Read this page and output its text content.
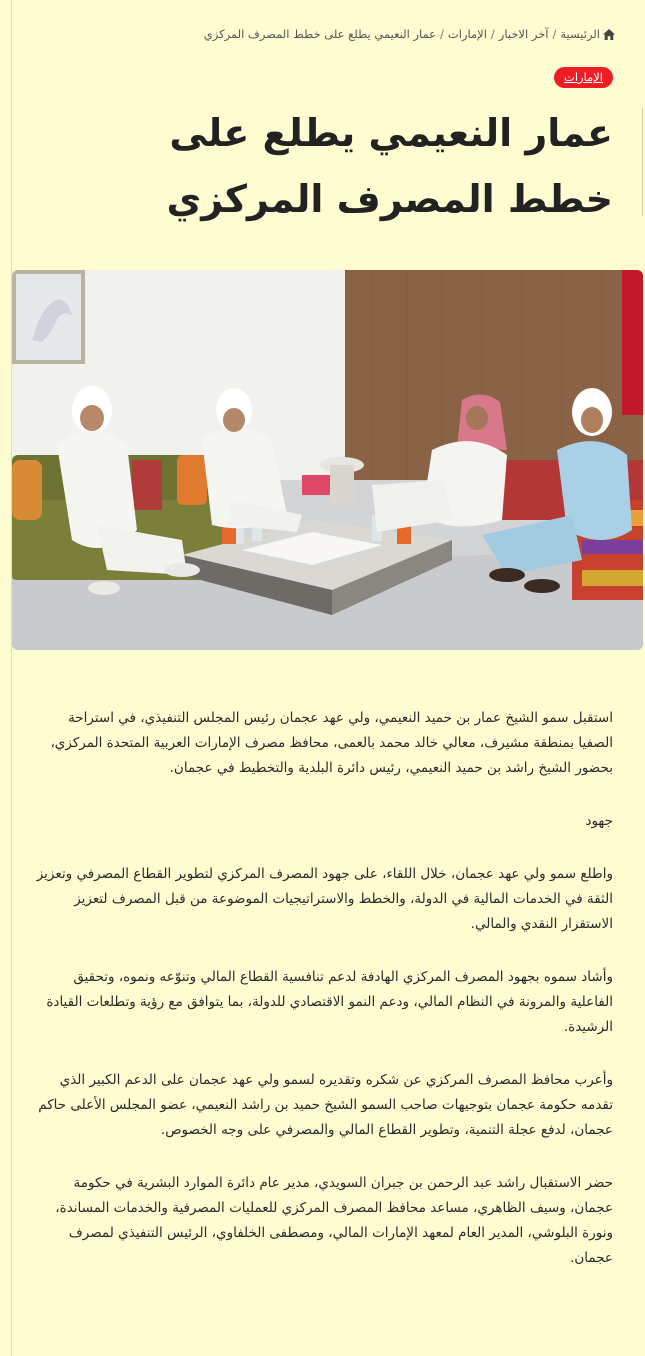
الرئيسية
/
آخر الاخبار
/
الإمارات
/
عمار النعيمي يطلع على خطط المصرف المركزي
الإمارات
عمار النعيمي يطلع على خطط المصرف المركزي

استقبل سمو الشيخ عمار بن حميد النعيمي، ولي عهد عجمان رئيس المجلس التنفيذي، في استراحة الصفيا بمنطقة مشيرف، معالي خالد محمد بالعمى، محافظ مصرف الإمارات العربية المتحدة المركزي، بحضور الشيخ راشد بن حميد النعيمي، رئيس دائرة البلدية والتخطيط في عجمان.

جهود

واطلع سمو ولي عهد عجمان، خلال اللقاء، على جهود المصرف المركزي لتطوير القطاع المصرفي وتعزيز الثقة في الخدمات المالية في الدولة، والخطط والاستراتيجيات الموضوعة من قبل المصرف لتعزيز الاستقرار النقدي والمالي.

وأشاد سموه بجهود المصرف المركزي الهادفة لدعم تنافسية القطاع المالي وتنوّعه ونموه، وتحقيق الفاعلية والمرونة في النظام المالي، ودعم النمو الاقتصادي للدولة، بما يتوافق مع رؤية وتطلعات القيادة الرشيدة.

وأعرب محافظ المصرف المركزي عن شكره وتقديره لسمو ولي عهد عجمان على الدعم الكبير الذي تقدمه حكومة عجمان بتوجيهات صاحب السمو الشيخ حميد بن راشد النعيمي، عضو المجلس الأعلى حاكم عجمان، لدفع عجلة التنمية، وتطوير القطاع المالي والمصرفي على وجه الخصوص.

حضر الاستقبال راشد عبد الرحمن بن جبران السويدي، مدير عام دائرة الموارد البشرية في حكومة عجمان، وسيف الظاهري، مساعد محافظ المصرف المركزي للعمليات المصرفية والخدمات المساندة، ونورة البلوشي، المدير العام لمعهد الإمارات المالي، ومصطفى الخلفاوي، الرئيس التنفيذي لمصرف عجمان.
